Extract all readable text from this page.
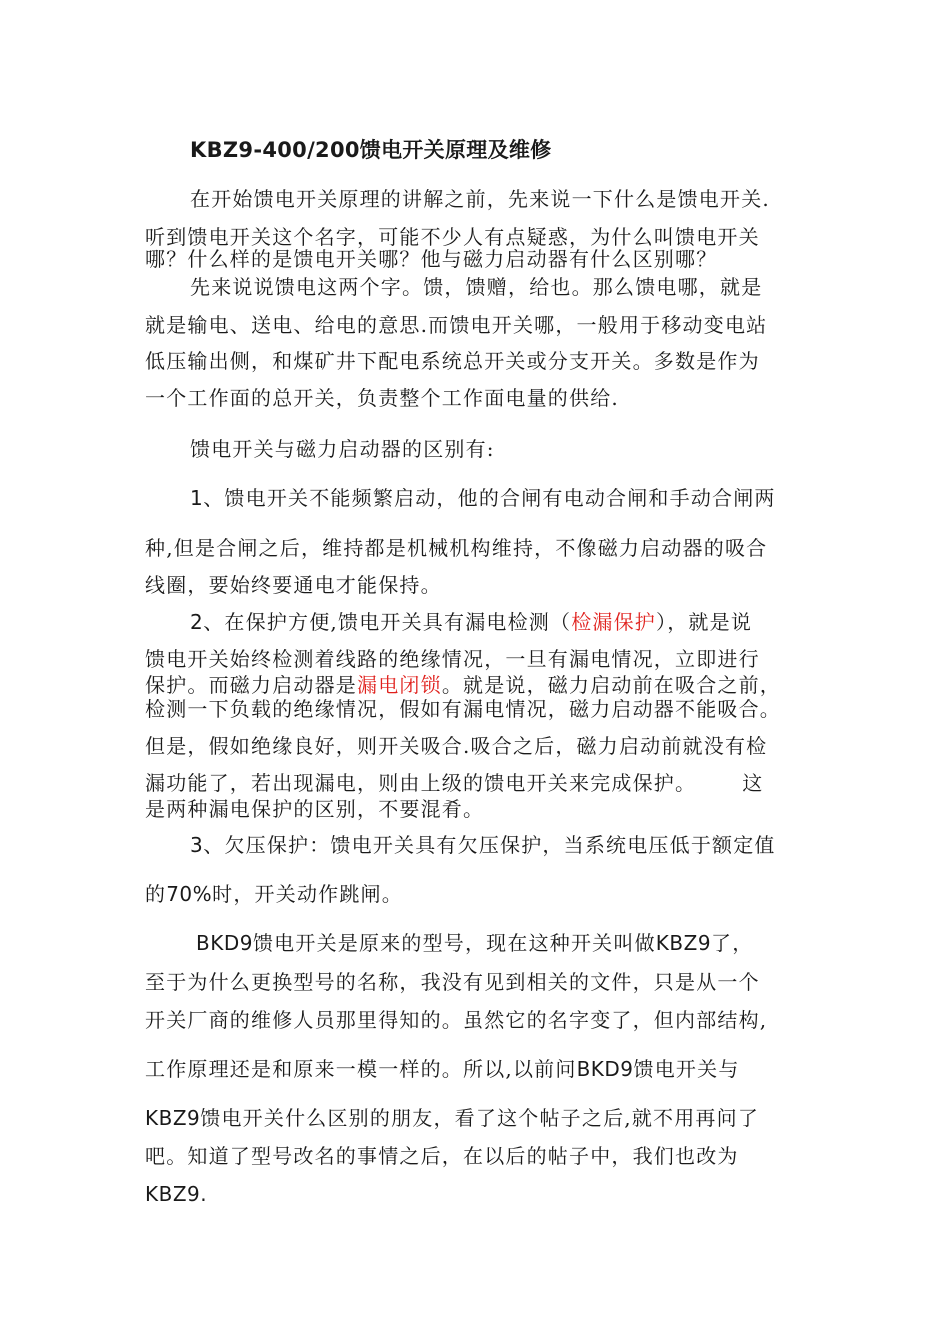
KBZ9-400/200馈电开关原理及维修
在开始馈电开关原理的讲解之前，先来说一下什么是馈电开关.
听到馈电开关这个名字，可能不少人有点疑惑，为什么叫馈电开关
哪？什么样的是馈电开关哪？他与磁力启动器有什么区别哪？
先来说说馈电这两个字。馈，馈赠，给也。那么馈电哪，就是
就是输电、送电、给电的意思.而馈电开关哪，一般用于移动变电站
低压输出侧，和煤矿井下配电系统总开关或分支开关。多数是作为
一个工作面的总开关，负责整个工作面电量的供给.
馈电开关与磁力启动器的区别有:
1、馈电开关不能频繁启动，他的合闸有电动合闸和手动合闸两
种,但是合闸之后，维持都是机械机构维持，不像磁力启动器的吸合
线圈，要始终要通电才能保持。
2、在保护方便,馈电开关具有漏电检测（检漏保护），就是说
馈电开关始终检测着线路的绝缘情况，一旦有漏电情况，立即进行
保护。而磁力启动器是漏电闭锁。就是说，磁力启动前在吸合之前，
检测一下负载的绝缘情况，假如有漏电情况，磁力启动器不能吸合。
但是，假如绝缘良好，则开关吸合.吸合之后，磁力启动前就没有检
漏功能了，若出现漏电，则由上级的馈电开关来完成保护。 这
是两种漏电保护的区别，不要混肴。
3、欠压保护：馈电开关具有欠压保护，当系统电压低于额定值
的70%时，开关动作跳闸。
BKD9馈电开关是原来的型号，现在这种开关叫做KBZ9了，
至于为什么更换型号的名称，我没有见到相关的文件，只是从一个
开关厂商的维修人员那里得知的。虽然它的名字变了，但内部结构,
工作原理还是和原来一模一样的。所以,以前问BKD9馈电开关与
KBZ9馈电开关什么区别的朋友，看了这个帖子之后,就不用再问了
吧。知道了型号改名的事情之后，在以后的帖子中，我们也改为
KBZ9.
